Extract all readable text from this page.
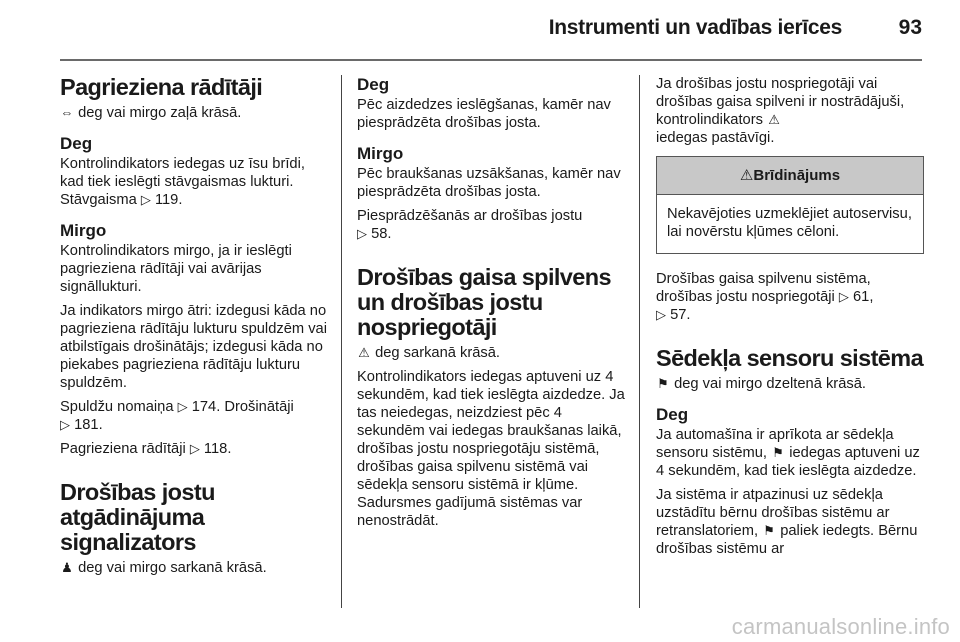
Instrumenti un vadības ierīces	93
Pagrieziena rādītāji

⇔ deg vai mirgo zaļā krāsā.

Deg

Kontrolindikators iedegas uz īsu brīdi, kad tiek ieslēgti stāvgaismas lukturi. Stāvgaisma ▷ 119.

Mirgo

Kontrolindikators mirgo, ja ir ieslēgti pagrieziena rādītāji vai avārijas signāllukturi.

Ja indikators mirgo ātri: izdegusi kāda no pagrieziena rādītāju lukturu spuldzēm vai atbilstīgais drošinātājs; izdegusi kāda no piekabes pagrieziena rādītāju lukturu spuldzēm.

Spuldžu nomaiņa ▷ 174. Drošinātāji
▷ 181.

Pagrieziena rādītāji ▷ 118.

Drošības jostu atgādinājuma signalizators

♟ deg vai mirgo sarkanā krāsā.

Deg

Pēc aizdedzes ieslēgšanas, kamēr nav piesprādzēta drošības josta.

Mirgo

Pēc braukšanas uzsākšanas, kamēr nav piesprādzēta drošības josta.

Piesprādzēšanās ar drošības jostu
▷ 58.

Drošības gaisa spilvens un drošības jostu nospriegotāji

⚠ deg sarkanā krāsā.

Kontrolindikators iedegas aptuveni uz 4 sekundēm, kad tiek ieslēgta aizdedze. Ja tas neiedegas, neizdziest pēc 4 sekundēm vai iedegas braukšanas laikā, drošības jostu nospriegotāju sistēmā, drošības gaisa spilvenu sistēmā vai sēdekļa sensoru sistēmā ir kļūme. Sadursmes gadījumā sistēmas var nenostrādāt.

Ja drošības jostu nospriegotāji vai drošības gaisa spilveni ir nostrādājuši, kontrolindikators ⚠
iedegas pastāvīgi.

⚠Brīdinājums
Nekavējoties uzmeklējiet autoservisu, lai novērstu kļūmes cēloni.

Drošības gaisa spilvenu sistēma, drošības jostu nospriegotāji ▷ 61,
▷ 57.

Sēdekļa sensoru sistēma

⚑ deg vai mirgo dzeltenā krāsā.

Deg

Ja automašīna ir aprīkota ar sēdekļa sensoru sistēmu, ⚑ iedegas aptuveni uz 4 sekundēm, kad tiek ieslēgta aizdedze.

Ja sistēma ir atpazinusi uz sēdekļa uzstādītu bērnu drošības sistēmu ar retranslatoriem, ⚑ paliek iedegts. Bērnu drošības sistēmu ar

carmanualsonline.info
